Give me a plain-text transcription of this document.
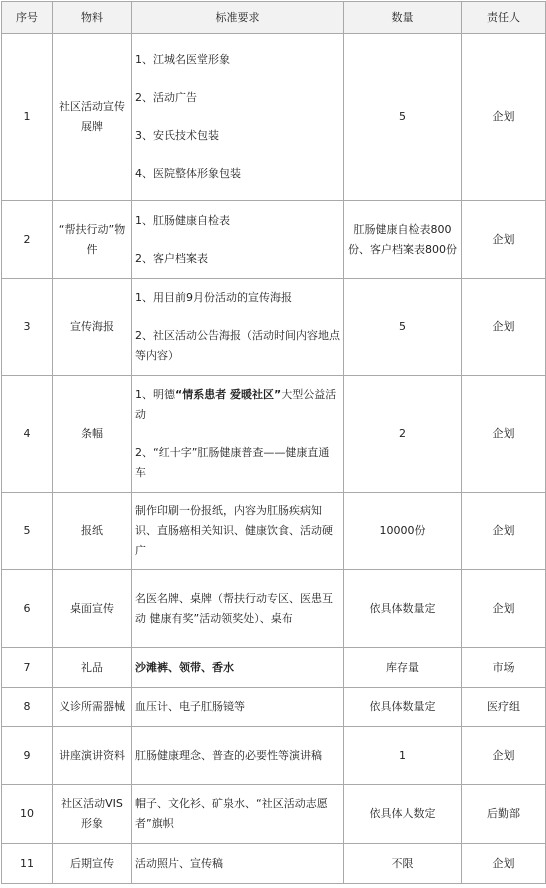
序号	物料	标准要求	数量	责任人
1	社区活动宣传展牌	1、江城名医堂形象
2、活动广告
3、安氏技术包装
4、医院整体形象包装	5	企划
2	“帮扶行动”物件	1、肛肠健康自检表
2、客户档案表	肛肠健康自检表800份、客户档案表800份	企划
3	宣传海报	1、用目前9月份活动的宣传海报
2、社区活动公告海报（活动时间内容地点等内容）	5	企划
4	条幅	1、明德“情系患者 爱暖社区”大型公益活动
2、“红十字”肛肠健康普查——健康直通车	2	企划
5	报纸	制作印刷一份报纸，内容为肛肠疾病知识、直肠癌相关知识、健康饮食、活动硬广	10000份	企划
6	桌面宣传	名医名牌、桌牌（帮扶行动专区、医患互动 健康有奖”活动领奖处）、桌布	依具体数量定	企划
7	礼品	沙滩裤、领带、香水	库存量	市场
8	义诊所需器械	血压计、电子肛肠镜等	依具体数量定	医疗组
9	讲座演讲资料	肛肠健康理念、普查的必要性等演讲稿	1	企划
10	社区活动VIS形象	帽子、文化衫、矿泉水、“社区活动志愿者”旗帜	依具体人数定	后勤部
11	后期宣传	活动照片、宣传稿	不限	企划
